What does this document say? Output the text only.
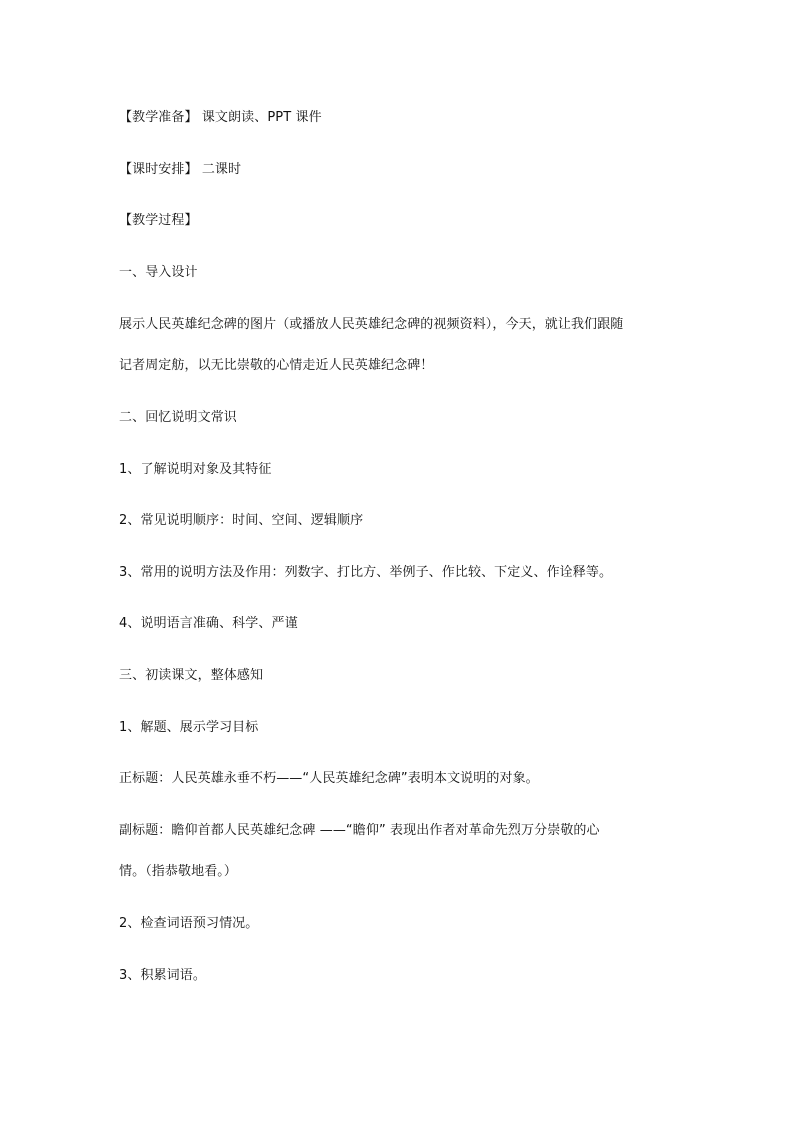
【教学准备】 课文朗读、PPT 课件
【课时安排】 二课时
【教学过程】
一、导入设计
展示人民英雄纪念碑的图片（或播放人民英雄纪念碑的视频资料），今天，就让我们跟随
记者周定舫，以无比崇敬的心情走近人民英雄纪念碑！
二、回忆说明文常识
1、了解说明对象及其特征
2、常见说明顺序：时间、空间、逻辑顺序
3、常用的说明方法及作用：列数字、打比方、举例子、作比较、下定义、作诠释等。
4、说明语言准确、科学、严谨
三、初读课文，整体感知
1、解题、展示学习目标
正标题：人民英雄永垂不朽——“人民英雄纪念碑”表明本文说明的对象。
副标题：瞻仰首都人民英雄纪念碑 ——“瞻仰” 表现出作者对革命先烈万分崇敬的心
情。（指恭敬地看。）
2、检查词语预习情况。
3、积累词语。
